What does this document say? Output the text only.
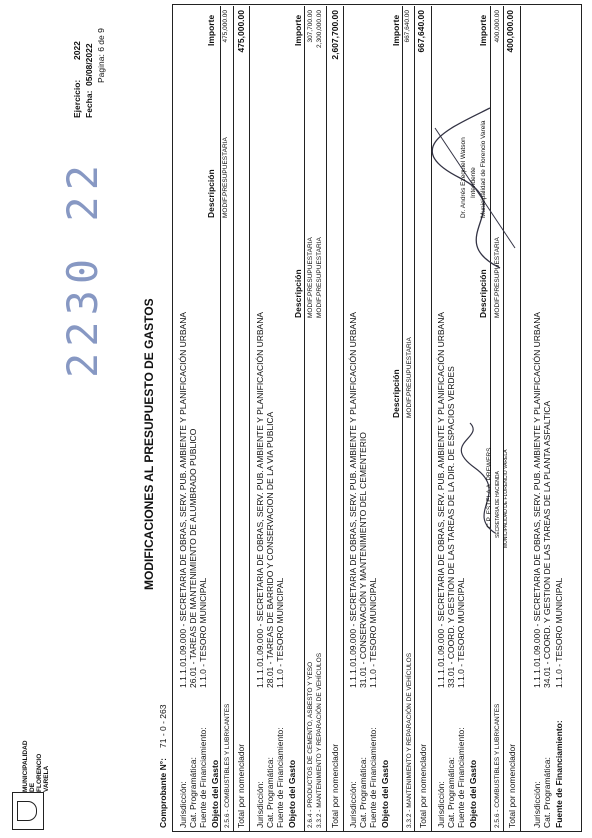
MUNICIPALIDAD DE FLORENCIO VARELA
MODIFICACIONES AL PRESUPUESTO DE GASTOS
Ejercicio:
2022
Fecha:
05/08/2022 Pagina: 6 de 9
Comprobante N°:
71 - 0 - 263
2230 22
Jurisdicción:
1.1.1.01.09.000 - SECRETARIA DE OBRAS, SERV. PUB. AMBIENTE Y PLANIFICACIÓN URBANA
Cat. Programática:
26.01 - TAREAS DE MANTENIMIENTO DE ALUMBRADO PUBLICO
Fuente de Financiamiento:
1.1.0 - TESORO MUNICIPAL
Objeto del Gasto
Descripción
Importe
2.5.6 - COMBUSTIBLES Y LUBRICANTES
MODIF.PRESUPUESTARIA
475,000.00
Total por nomenclador
475,000.00
Jurisdicción:
1.1.1.01.09.000 - SECRETARIA DE OBRAS, SERV. PUB. AMBIENTE Y PLANIFICACIÓN URBANA
Cat. Programática:
28.01 - TAREAS DE BARRIDO Y CONSERVACION DE LA VIA PUBLICA
Fuente de Financiamiento:
1.1.0 - TESORO MUNICIPAL
Objeto del Gasto
Descripción
Importe
2.6.4 - PRODUCTOS DE CEMENTO, ASBESTO Y YESO
MODIF.PRESUPUESTARIA
307,700.00
3.3.2 - MANTENIMIENTO Y REPARACIÓN DE VEHÍCULOS
MODIF.PRESUPUESTARIA
2,300,000.00
Total por nomenclador
2,607,700.00
Jurisdicción:
1.1.1.01.09.000 - SECRETARIA DE OBRAS, SERV. PUB. AMBIENTE Y PLANIFICACIÓN URBANA
Cat. Programática:
31.01 - CONSERVACIÓN Y MANTENIMIENTO DEL CEMENTERIO
Fuente de Financiamiento:
1.1.0 - TESORO MUNICIPAL
Objeto del Gasto
Descripción
Importe
3.3.2 - MANTENIMIENTO Y REPARACIÓN DE VEHÍCULOS
MODIF.PRESUPUESTARIA
667,640.00
Total por nomenclador
667,640.00
Jurisdicción:
1.1.1.01.09.000 - SECRETARIA DE OBRAS, SERV. PUB. AMBIENTE Y PLANIFICACIÓN URBANA
Cat. Programática:
33.01 - COORD. Y GESTION DE LAS TAREAS DE LA DIR. DE ESPACIOS VERDES
Fuente de Financiamiento:
1.1.0 - TESORO MUNICIPAL
Objeto del Gasto
Descripción
Importe
2.5.6 - COMBUSTIBLES Y LUBRICANTES
MODIF.PRESUPUESTARIA
400,000.00
Total por nomenclador
400,000.00
Jurisdicción:
1.1.1.01.09.000 - SECRETARIA DE OBRAS, SERV. PUB. AMBIENTE Y PLANIFICACIÓN URBANA
Cat. Programática:
34.01 - COORD. Y GESTION DE LAS TAREAS DE LA PLANTA ASFALTICA
Fuente de Financiamiento:
1.1.0 - TESORO MUNICIPAL
Dr. Andrés Ezequiel Watson Intendente Municipalidad de Florencio Varela
C.P. ESTELA A. PREWERS SECRETARIA DE HACIENDA MUNICIPALIDAD DE FLORENCIO VARELA
